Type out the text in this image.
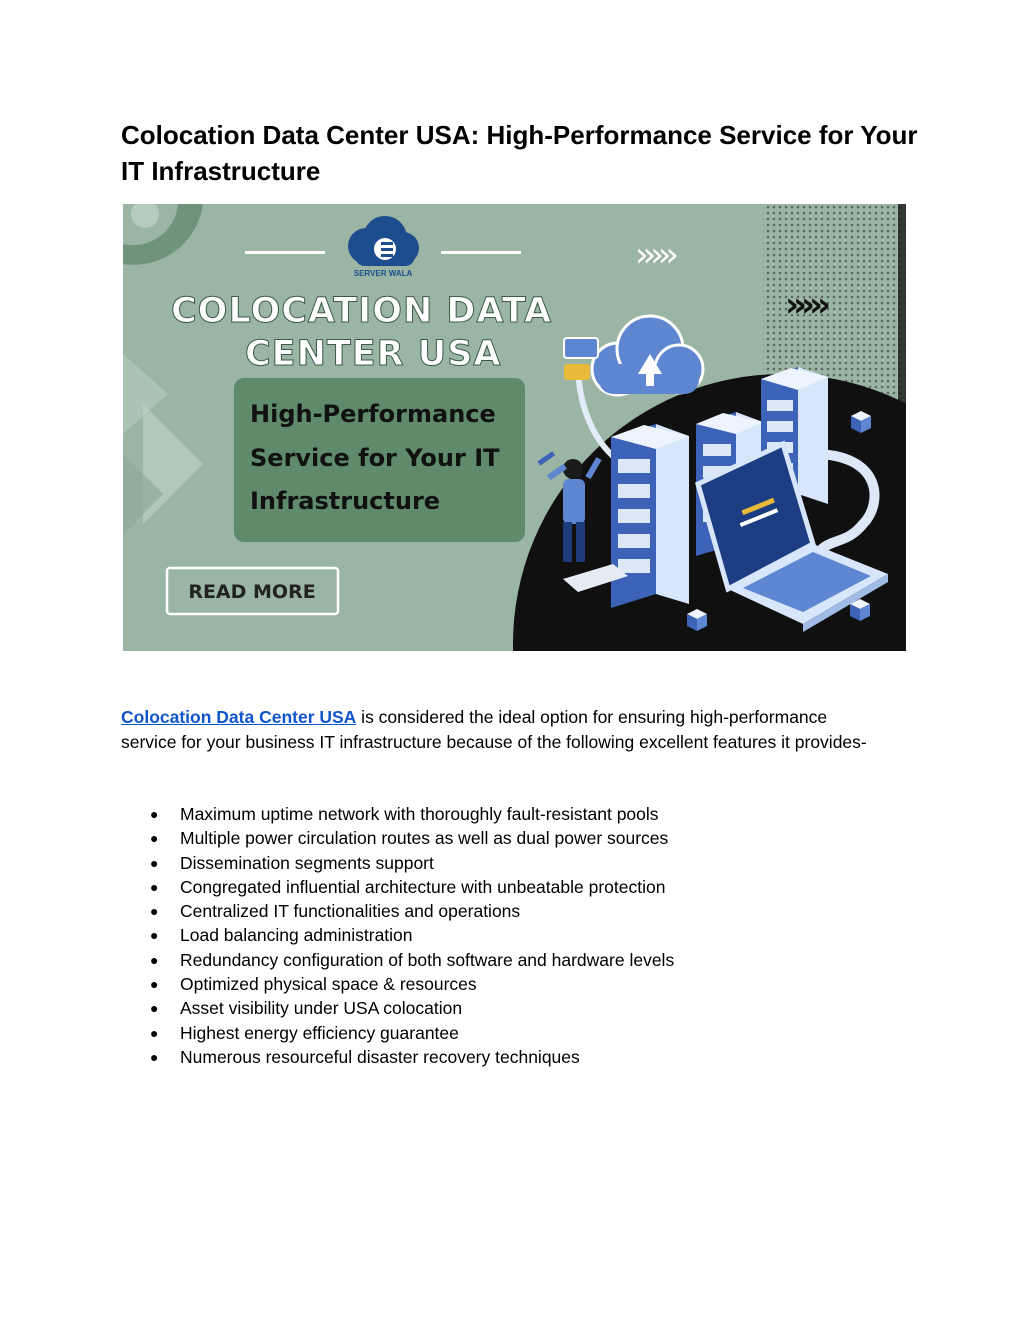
Colocation Data Center USA: High-Performance Service for Your IT Infrastructure
SERVER WALA	›››››
›››››
COLOCATION DATA
CENTER USA
High-Performance
Service for Your IT
Infrastructure
READ MORE

Colocation Data Center USA is considered the ideal option for ensuring high-performance service for your business IT infrastructure because of the following excellent features it provides-

● Maximum uptime network with thoroughly fault-resistant pools
● Multiple power circulation routes as well as dual power sources
● Dissemination segments support
● Congregated influential architecture with unbeatable protection
● Centralized IT functionalities and operations
● Load balancing administration
● Redundancy configuration of both software and hardware levels
● Optimized physical space & resources
● Asset visibility under USA colocation
● Highest energy efficiency guarantee
● Numerous resourceful disaster recovery techniques
